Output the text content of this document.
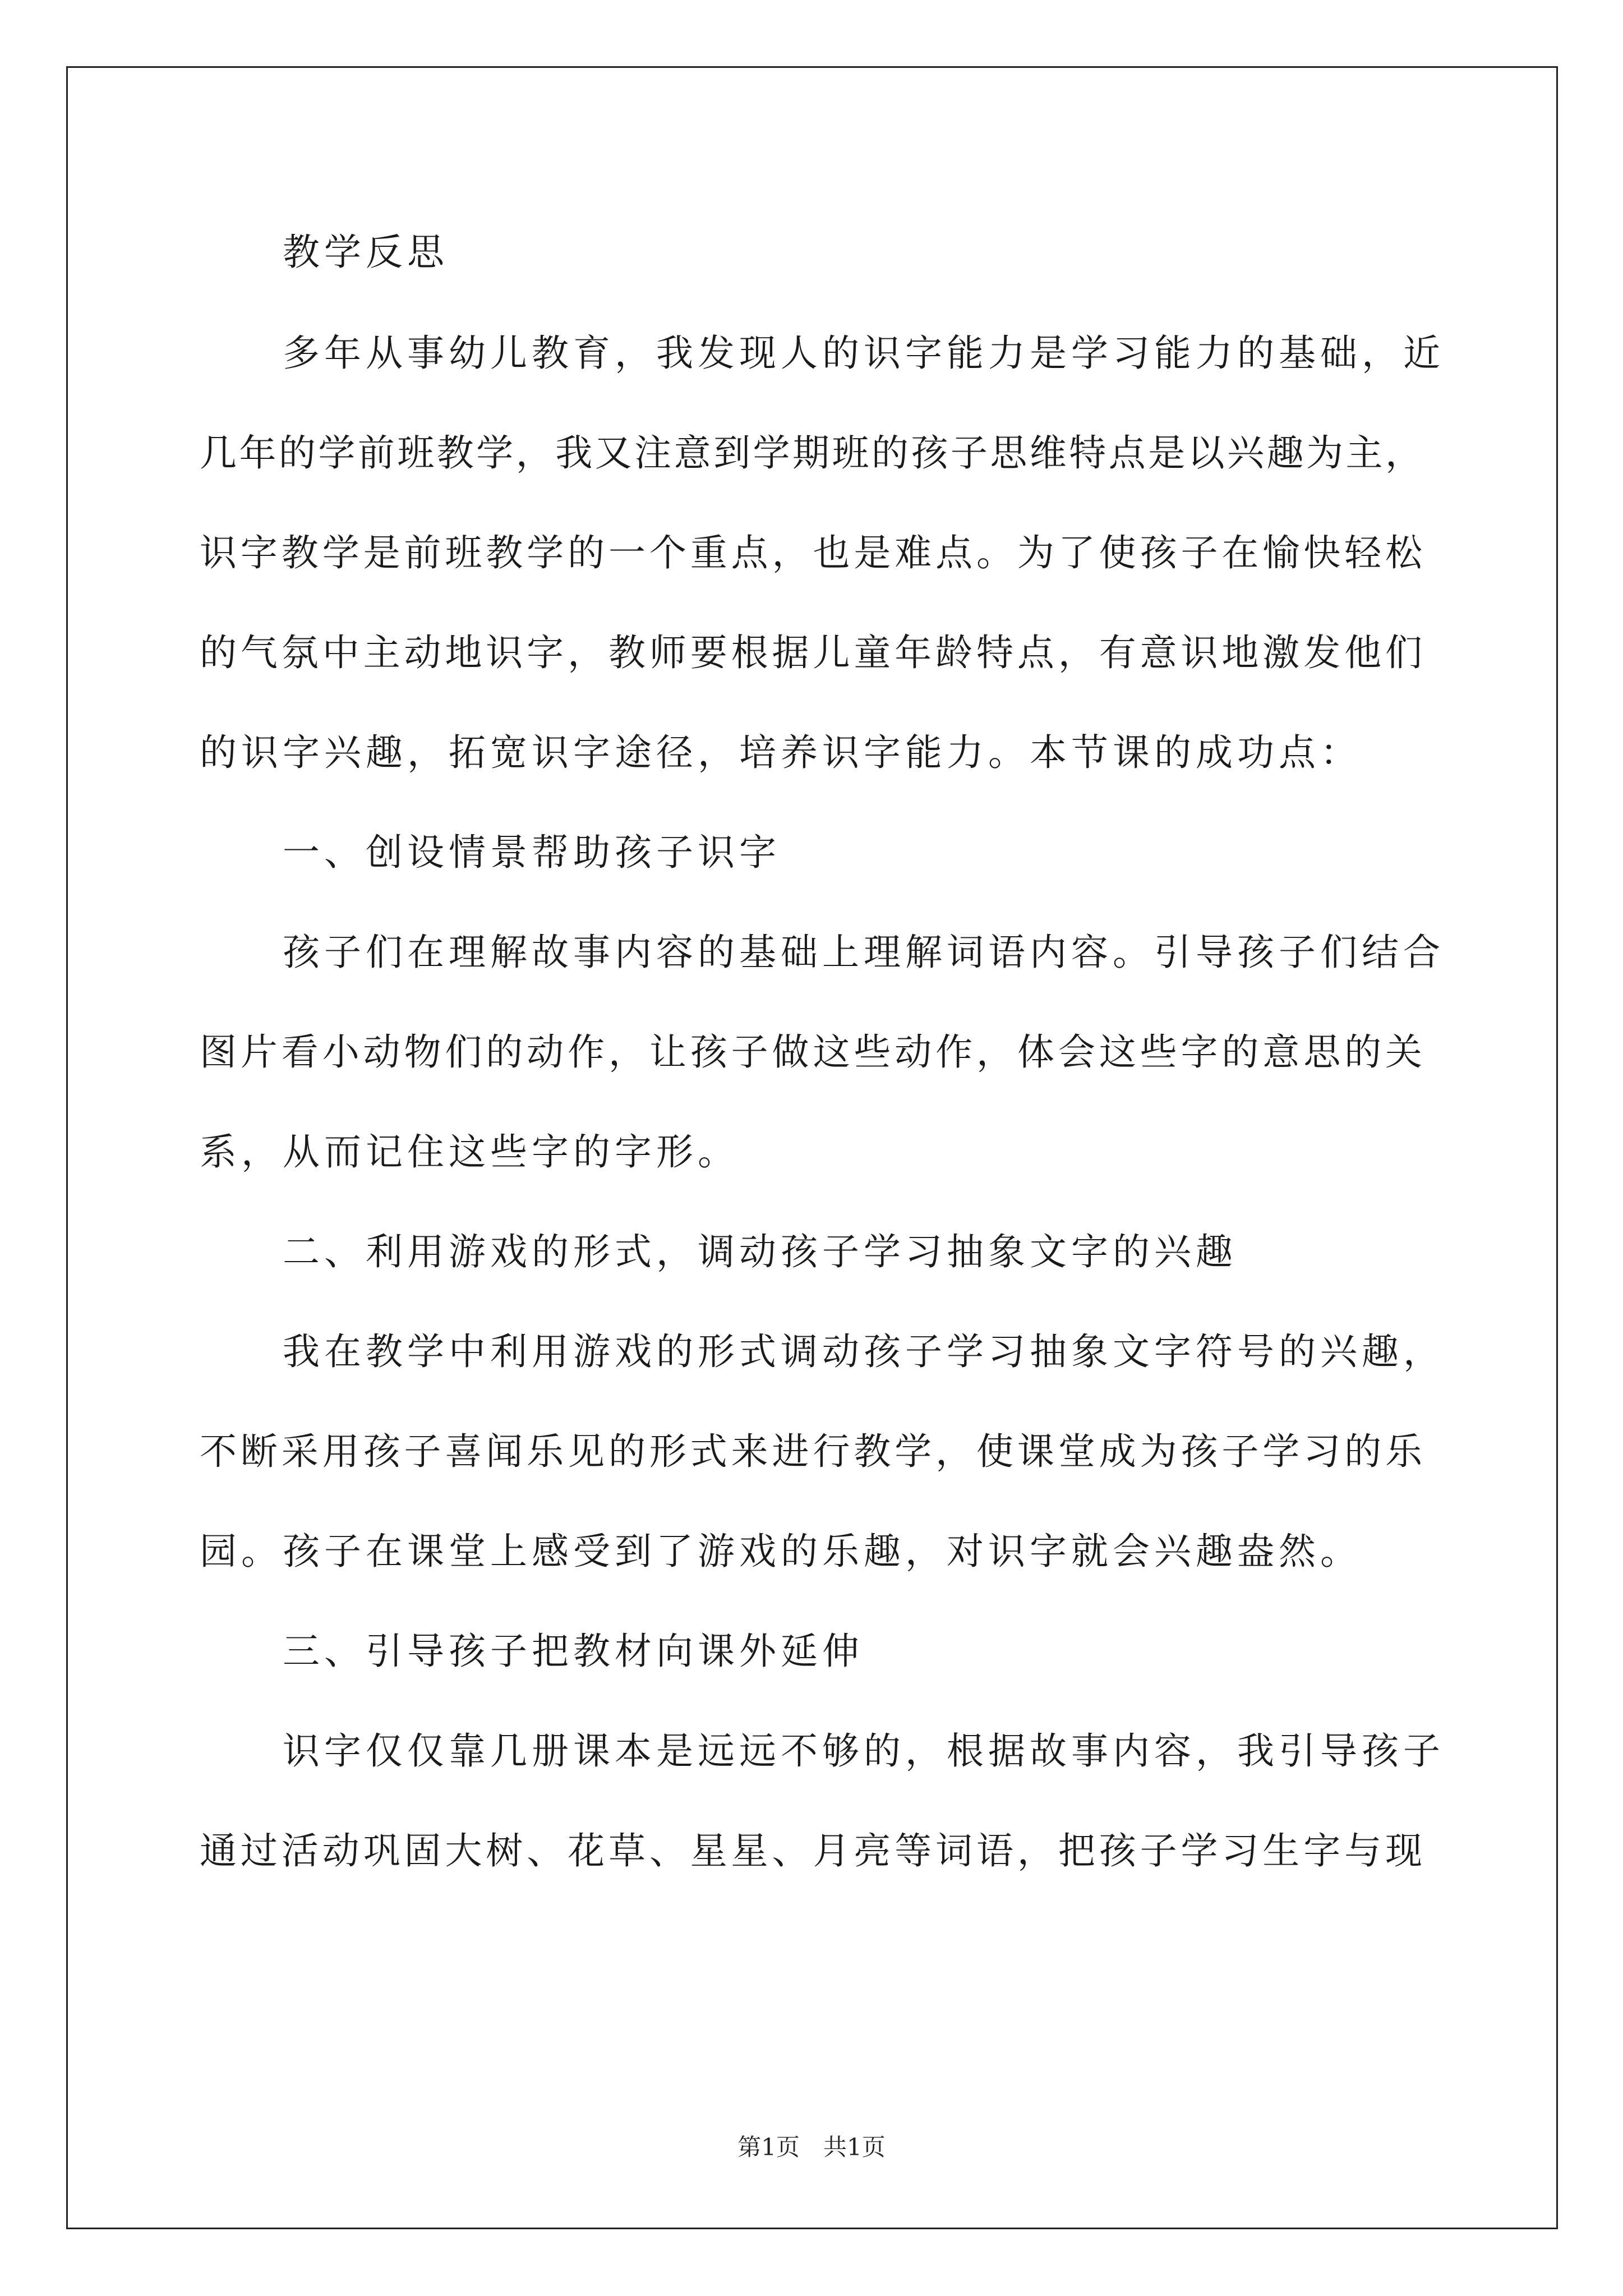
教学反思
多年从事幼儿教育，我发现人的识字能力是学习能力的基础，近
几年的学前班教学，我又注意到学期班的孩子思维特点是以兴趣为主，
识字教学是前班教学的一个重点，也是难点。为了使孩子在愉快轻松
的气氛中主动地识字，教师要根据儿童年龄特点，有意识地激发他们
的识字兴趣，拓宽识字途径，培养识字能力。本节课的成功点：
一、创设情景帮助孩子识字
孩子们在理解故事内容的基础上理解词语内容。引导孩子们结合
图片看小动物们的动作，让孩子做这些动作，体会这些字的意思的关
系，从而记住这些字的字形。
二、利用游戏的形式，调动孩子学习抽象文字的兴趣
我在教学中利用游戏的形式调动孩子学习抽象文字符号的兴趣，
不断采用孩子喜闻乐见的形式来进行教学，使课堂成为孩子学习的乐
园。孩子在课堂上感受到了游戏的乐趣，对识字就会兴趣盎然。
三、引导孩子把教材向课外延伸
识字仅仅靠几册课本是远远不够的，根据故事内容，我引导孩子
通过活动巩固大树、花草、星星、月亮等词语，把孩子学习生字与现
第1页　共1页
